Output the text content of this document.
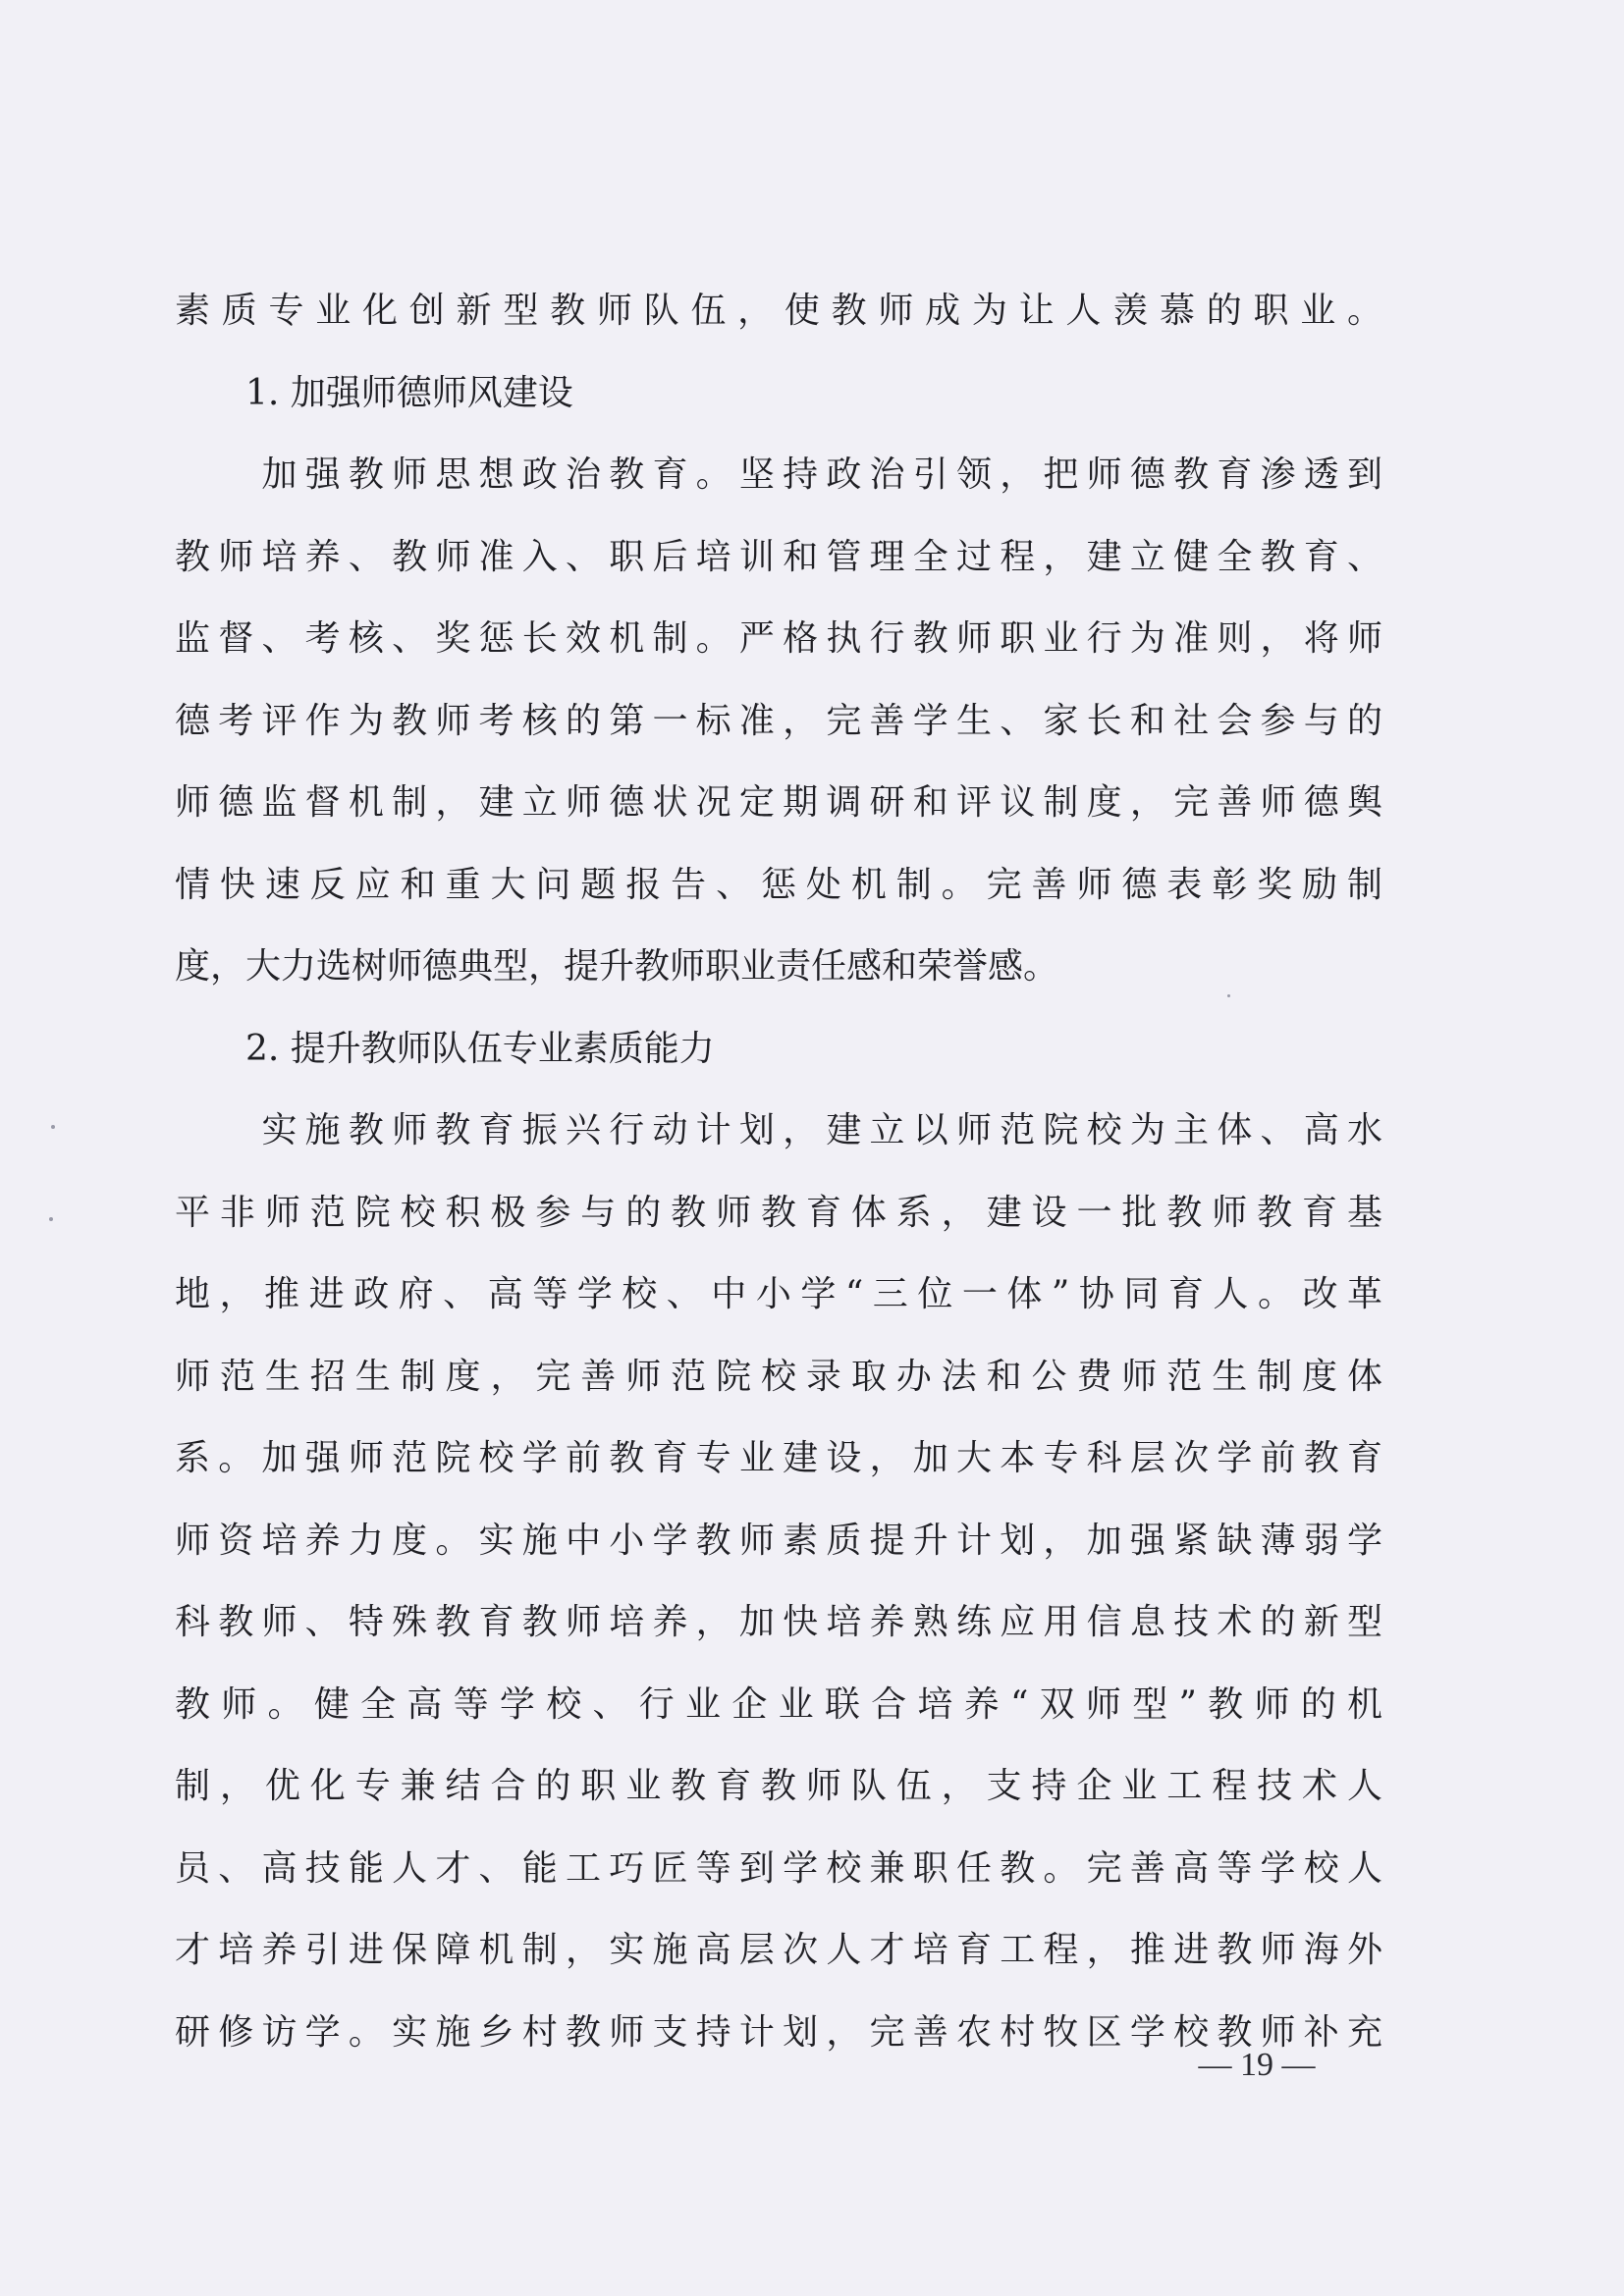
素质专业化创新型教师队伍，使教师成为让人羡慕的职业。
　　1. 加强师德师风建设
　　加强教师思想政治教育。坚持政治引领，把师德教育渗透到
教师培养、教师准入、职后培训和管理全过程，建立健全教育、
监督、考核、奖惩长效机制。严格执行教师职业行为准则，将师
德考评作为教师考核的第一标准，完善学生、家长和社会参与的
师德监督机制，建立师德状况定期调研和评议制度，完善师德舆
情快速反应和重大问题报告、惩处机制。完善师德表彰奖励制
度，大力选树师德典型，提升教师职业责任感和荣誉感。
　　2. 提升教师队伍专业素质能力
　　实施教师教育振兴行动计划，建立以师范院校为主体、高水
平非师范院校积极参与的教师教育体系，建设一批教师教育基
地，推进政府、高等学校、中小学“三位一体”协同育人。改革
师范生招生制度，完善师范院校录取办法和公费师范生制度体
系。加强师范院校学前教育专业建设，加大本专科层次学前教育
师资培养力度。实施中小学教师素质提升计划，加强紧缺薄弱学
科教师、特殊教育教师培养，加快培养熟练应用信息技术的新型
教师。健全高等学校、行业企业联合培养“双师型”教师的机
制，优化专兼结合的职业教育教师队伍，支持企业工程技术人
员、高技能人才、能工巧匠等到学校兼职任教。完善高等学校人
才培养引进保障机制，实施高层次人才培育工程，推进教师海外
研修访学。实施乡村教师支持计划，完善农村牧区学校教师补充
— 19 —
